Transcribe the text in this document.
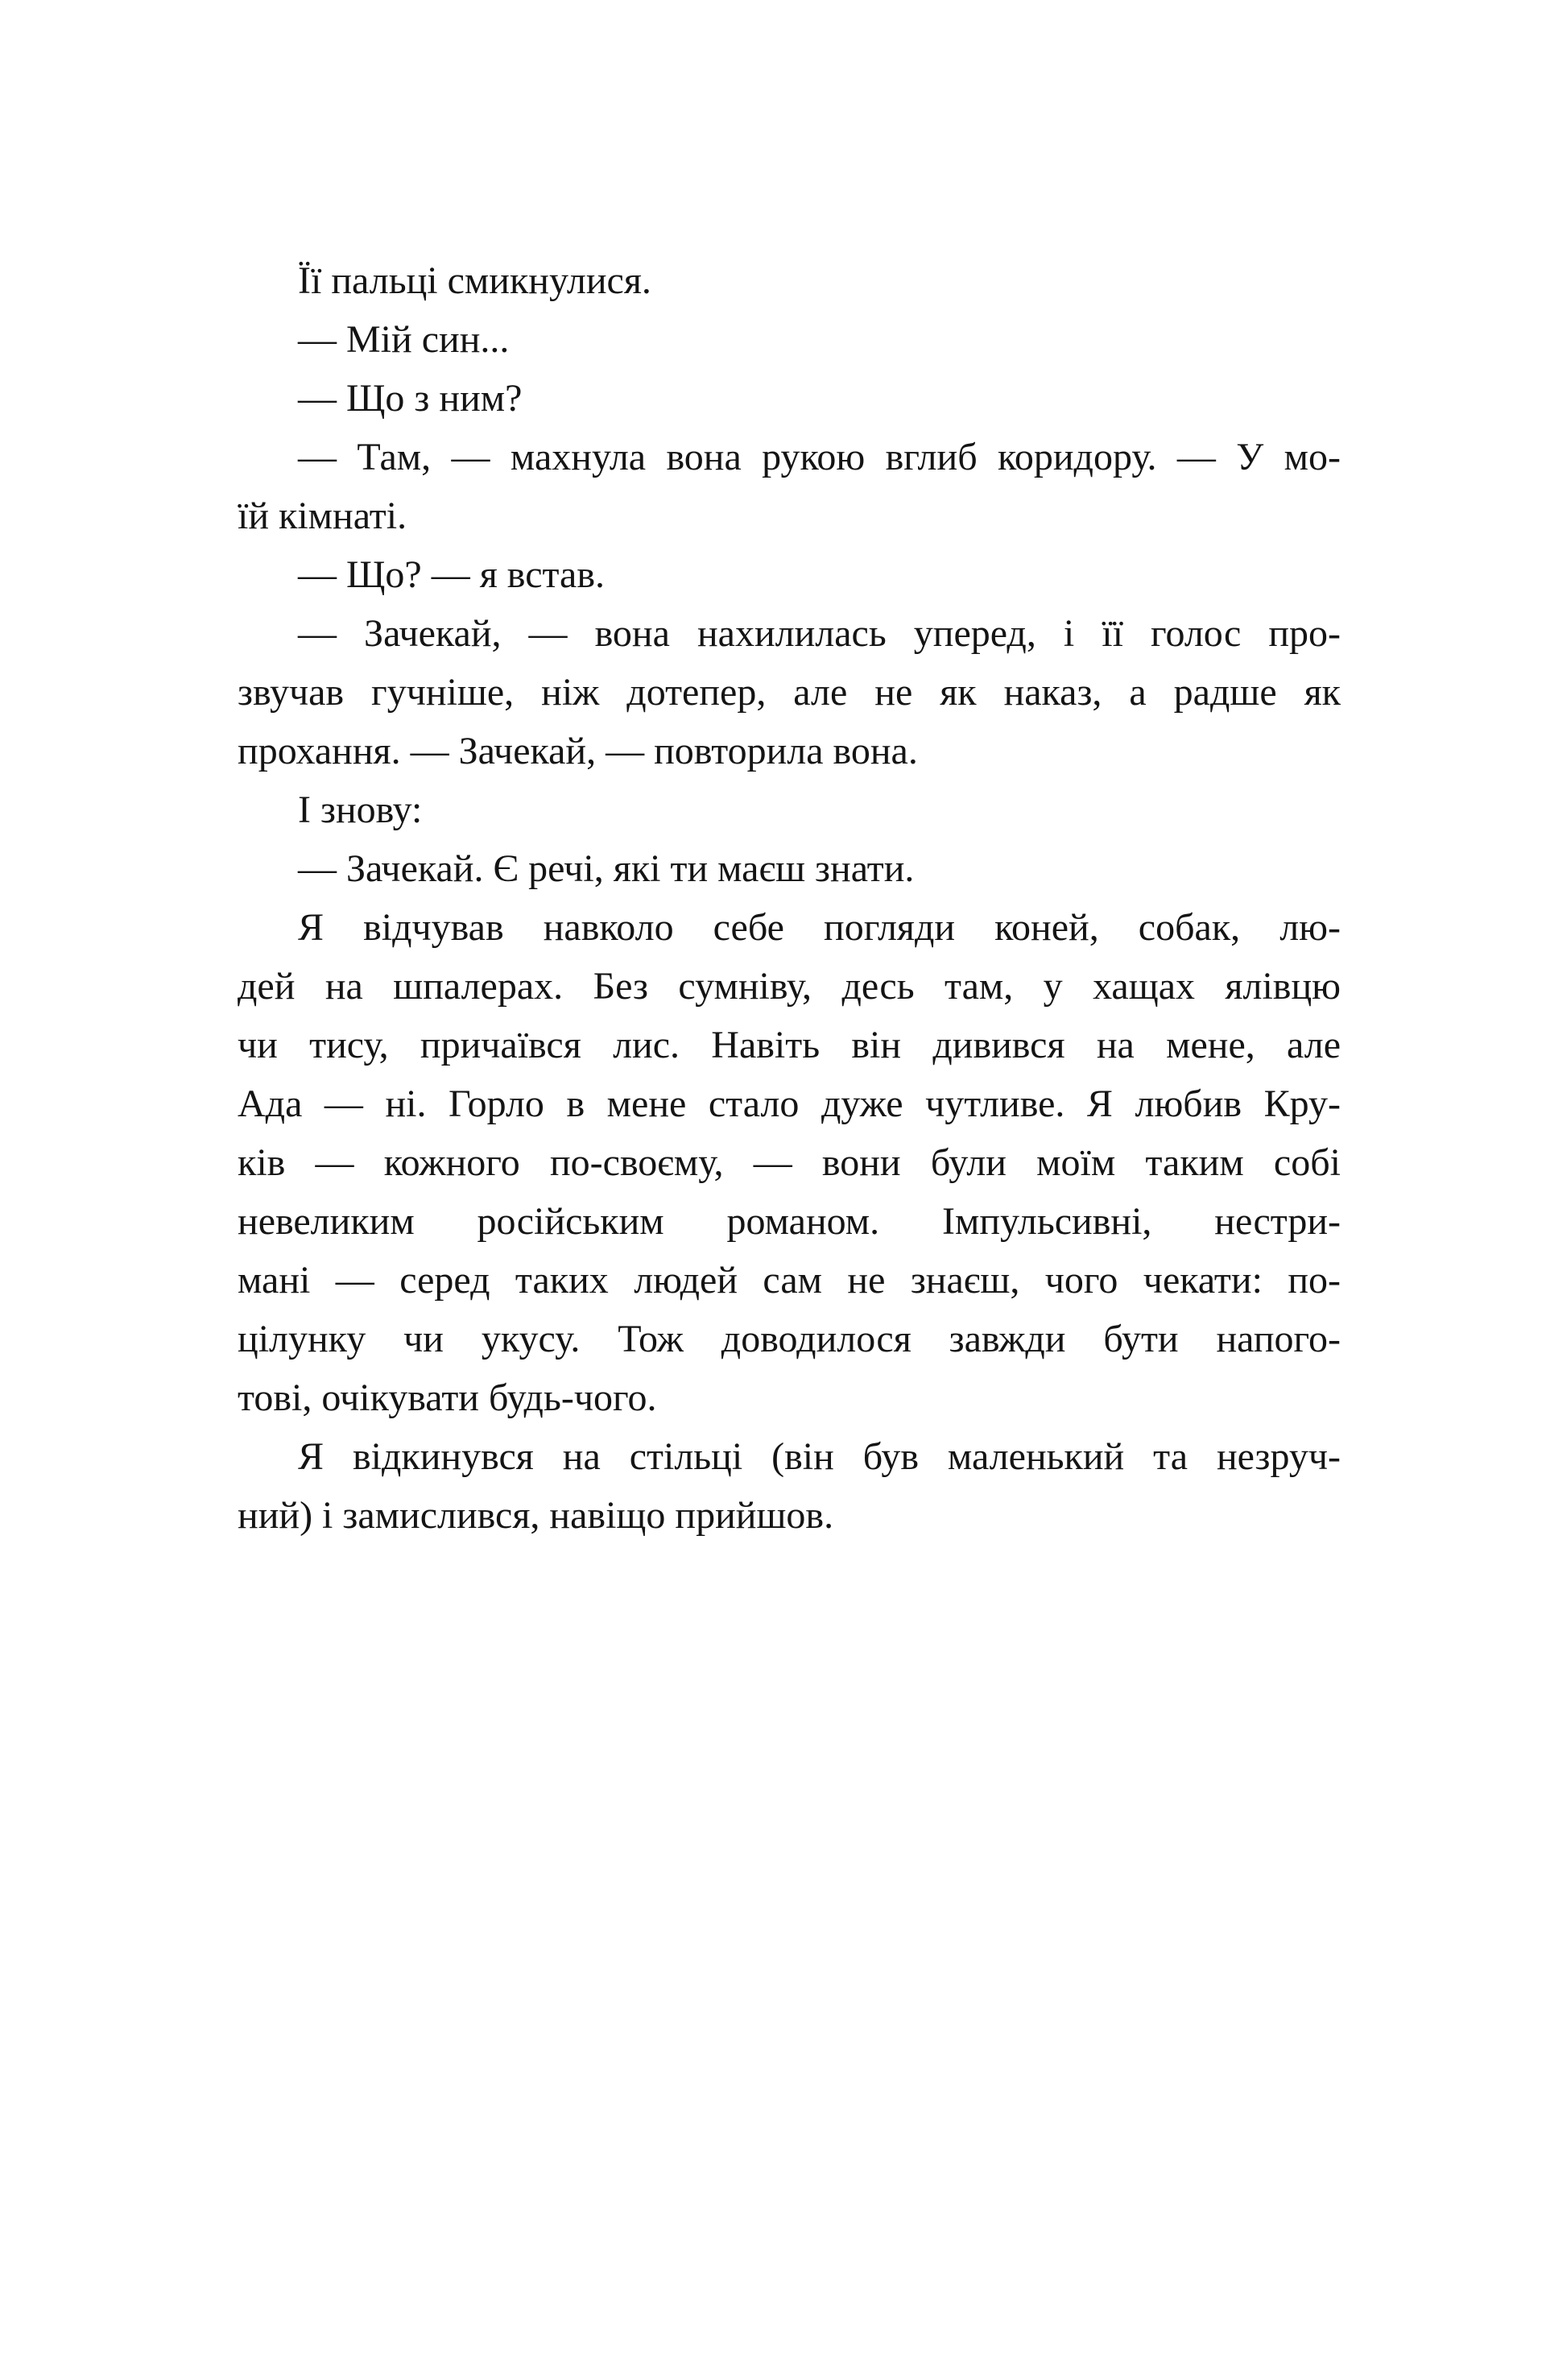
Її пальці смикнулися.
— Мій син...
— Що з ним?
— Там, — махнула вона рукою вглиб коридору. — У мо-
їй кімнаті.
— Що? — я встав.
— Зачекай, — вона нахилилась уперед, і її голос про-
звучав гучніше, ніж дотепер, але не як наказ, а радше як
прохання. — Зачекай, — повторила вона.
І знову:
— Зачекай. Є речі, які ти маєш знати.
Я відчував навколо себе погляди коней, собак, лю-
дей на шпалерах. Без сумніву, десь там, у хащах ялівцю
чи тису, причаївся лис. Навіть він дивився на мене, але
Ада — ні. Горло в мене стало дуже чутливе. Я любив Кру-
ків — кожного по-своєму, — вони були моїм таким собі
невеликим російським романом. Імпульсивні, нестри-
мані — серед таких людей сам не знаєш, чого чекати: по-
цілунку чи укусу. Тож доводилося завжди бути напого-
тові, очікувати будь-чого.
Я відкинувся на стільці (він був маленький та незруч-
ний) і замислився, навіщо прийшов.
